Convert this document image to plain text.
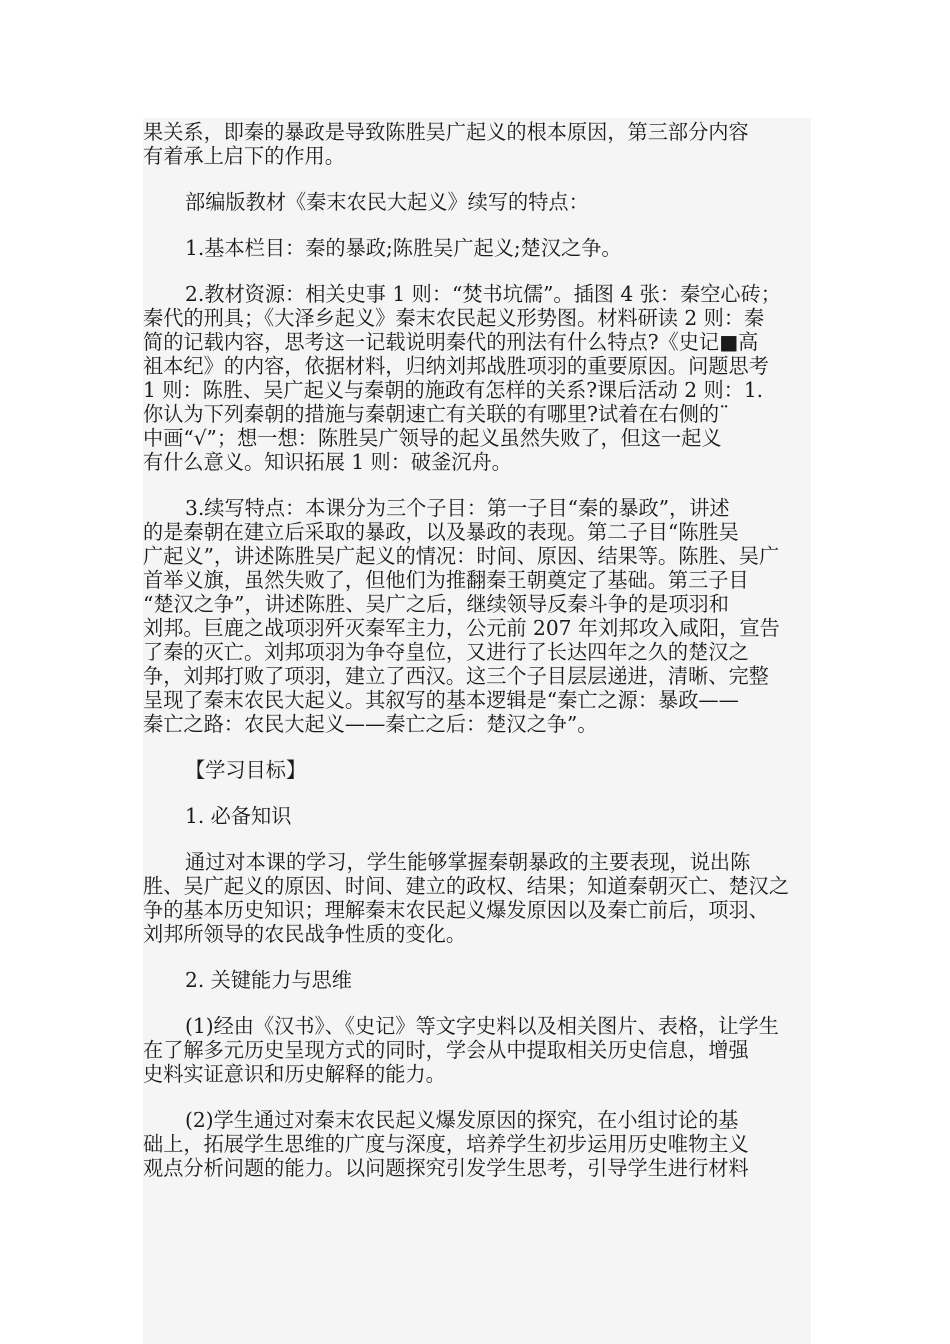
果关系，即秦的暴政是导致陈胜吴广起义的根本原因，第三部分内容
有着承上启下的作用。
部编版教材《秦末农民大起义》续写的特点：
1.基本栏目：秦的暴政;陈胜吴广起义;楚汉之争。
2.教材资源：相关史事 1 则：“焚书坑儒”。插图 4 张：秦空心砖；
秦代的刑具；《大泽乡起义》秦末农民起义形势图。材料研读 2 则：秦
简的记载内容，思考这一记载说明秦代的刑法有什么特点?《史记■高
祖本纪》的内容，依据材料，归纳刘邦战胜项羽的重要原因。问题思考
1 则：陈胜、吴广起义与秦朝的施政有怎样的关系?课后活动 2 则：1.
你认为下列秦朝的措施与秦朝速亡有关联的有哪里?试着在右侧的¨
中画“√”；想一想：陈胜吴广领导的起义虽然失败了，但这一起义
有什么意义。知识拓展 1 则：破釜沉舟。
3.续写特点：本课分为三个子目：第一子目“秦的暴政”，讲述
的是秦朝在建立后采取的暴政，以及暴政的表现。第二子目“陈胜吴
广起义”，讲述陈胜吴广起义的情况：时间、原因、结果等。陈胜、吴广
首举义旗，虽然失败了，但他们为推翻秦王朝奠定了基础。第三子目
“楚汉之争”，讲述陈胜、吴广之后，继续领导反秦斗争的是项羽和
刘邦。巨鹿之战项羽歼灭秦军主力，公元前 207 年刘邦攻入咸阳，宣告
了秦的灭亡。刘邦项羽为争夺皇位，又进行了长达四年之久的楚汉之
争，刘邦打败了项羽，建立了西汉。这三个子目层层递进，清晰、完整
呈现了秦末农民大起义。其叙写的基本逻辑是“秦亡之源：暴政——
秦亡之路：农民大起义——秦亡之后：楚汉之争”。
【学习目标】
1. 必备知识
通过对本课的学习，学生能够掌握秦朝暴政的主要表现，说出陈
胜、吴广起义的原因、时间、建立的政权、结果；知道秦朝灭亡、楚汉之
争的基本历史知识；理解秦末农民起义爆发原因以及秦亡前后，项羽、
刘邦所领导的农民战争性质的变化。
2. 关键能力与思维
(1)经由《汉书》、《史记》等文字史料以及相关图片、表格，让学生
在了解多元历史呈现方式的同时，学会从中提取相关历史信息，增强
史料实证意识和历史解释的能力。
(2)学生通过对秦末农民起义爆发原因的探究，在小组讨论的基
础上，拓展学生思维的广度与深度，培养学生初步运用历史唯物主义
观点分析问题的能力。以问题探究引发学生思考，引导学生进行材料
